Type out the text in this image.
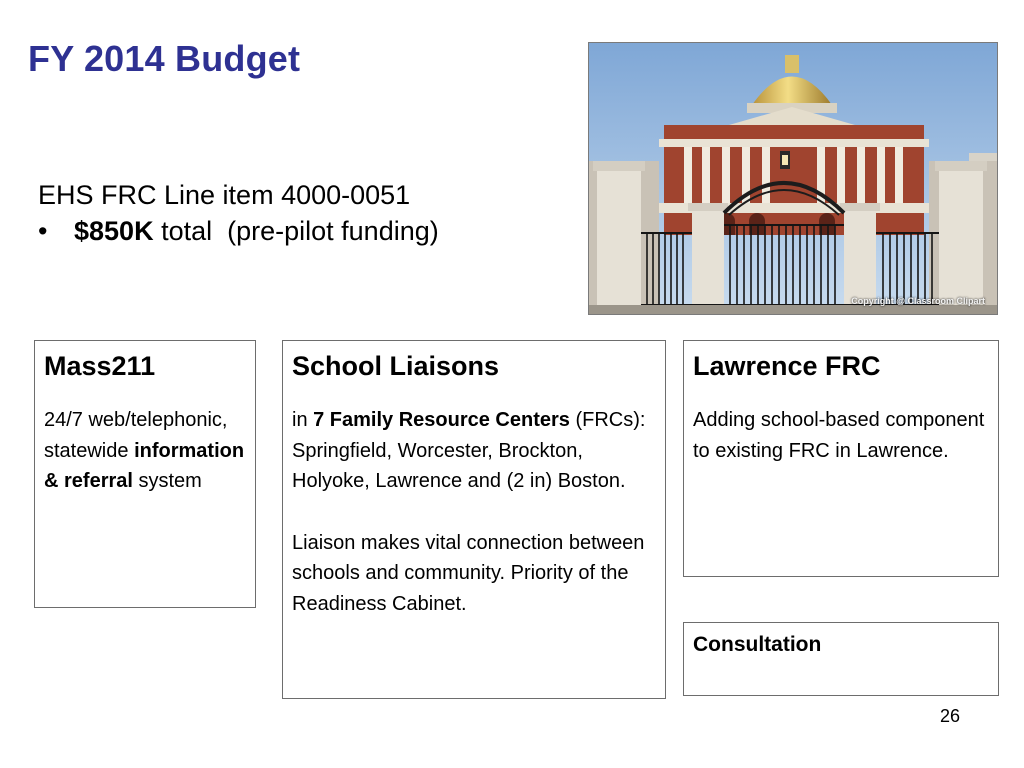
FY 2014 Budget
EHS FRC Line item 4000-0051
• $850K total  (pre-pilot funding)
Copyright @ Classroom Clipart
Mass211
24/7 web/telephonic, statewide information & referral system
School Liaisons

in 7 Family Resource Centers (FRCs): Springfield, Worcester, Brockton, Holyoke, Lawrence and (2 in) Boston.

Liaison makes vital connection between schools and community. Priority of the Readiness Cabinet.

Lawrence FRC
Adding school-based component to existing FRC in Lawrence.
Consultation
26
